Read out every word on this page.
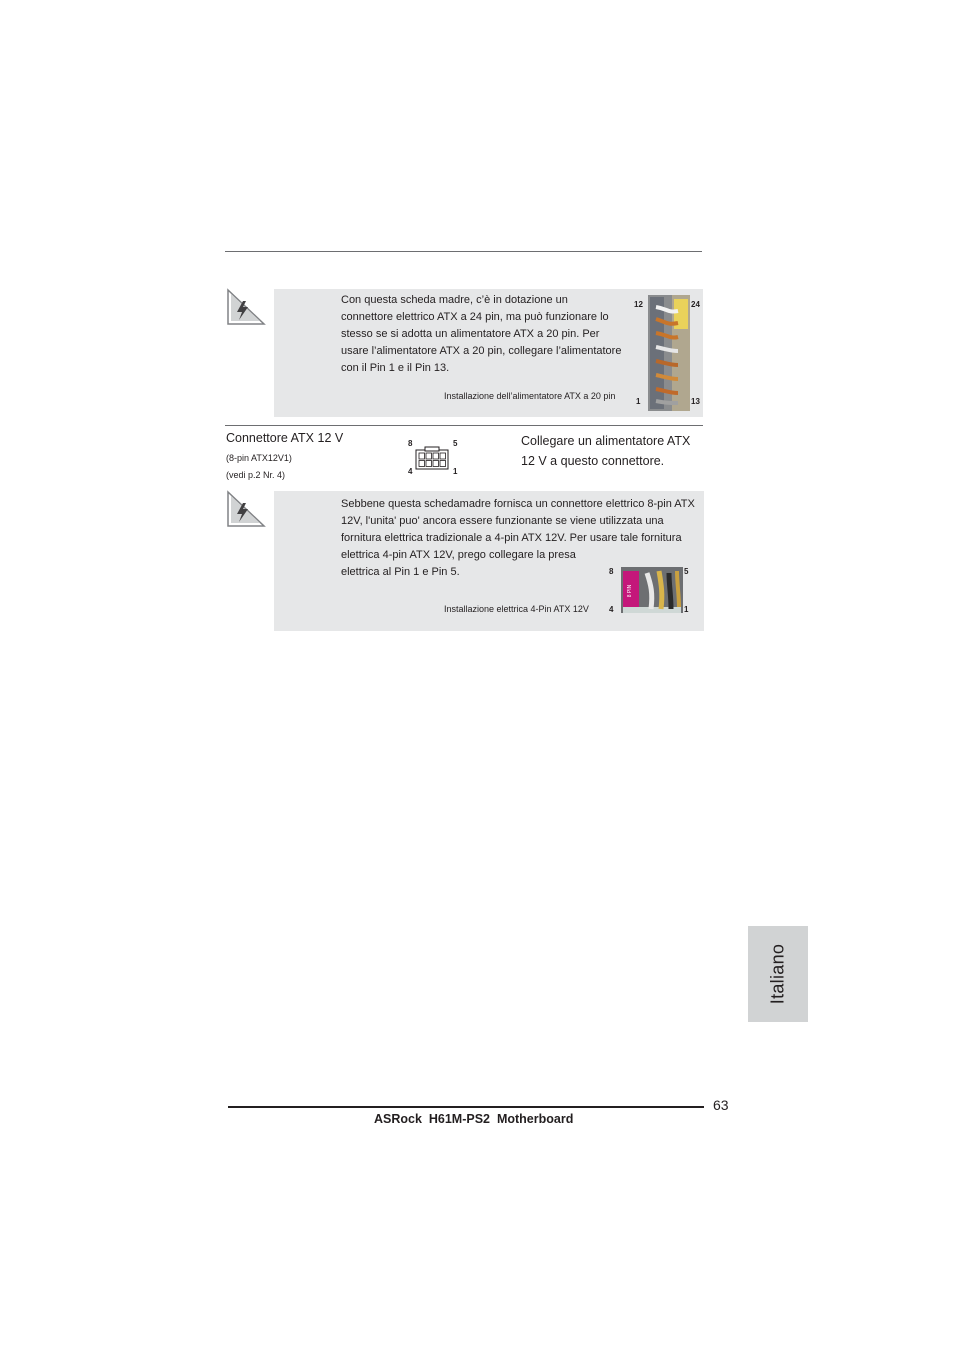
Con questa scheda madre, c’è in dotazione un
connettore elettrico ATX a 24 pin, ma può funzionare lo
stesso se si adotta un alimentatore ATX a 20 pin. Per
usare l’alimentatore ATX a 20 pin, collegare l’alimentatore
con il Pin 1 e il Pin 13.
Installazione dell’alimentatore ATX a 20 pin
12	24
1	13
Connettore ATX 12 V
(8-pin ATX12V1)
(vedi p.2 Nr. 4)
8	5
4	1
Collegare un alimentatore ATX
12 V a questo connettore.
Sebbene questa schedamadre fornisca un connettore elettrico 8-pin ATX
12V, l'unita' puo' ancora essere funzionante se viene utilizzata una
fornitura elettrica tradizionale a 4-pin ATX 12V. Per usare tale fornitura
elettrica 4-pin ATX 12V, prego collegare la presa
elettrica al Pin 1 e Pin 5.
Installazione elettrica 4-Pin ATX 12V
8	5
4	1
8 PIN
Italiano
63
ASRock  H61M-PS2  Motherboard
